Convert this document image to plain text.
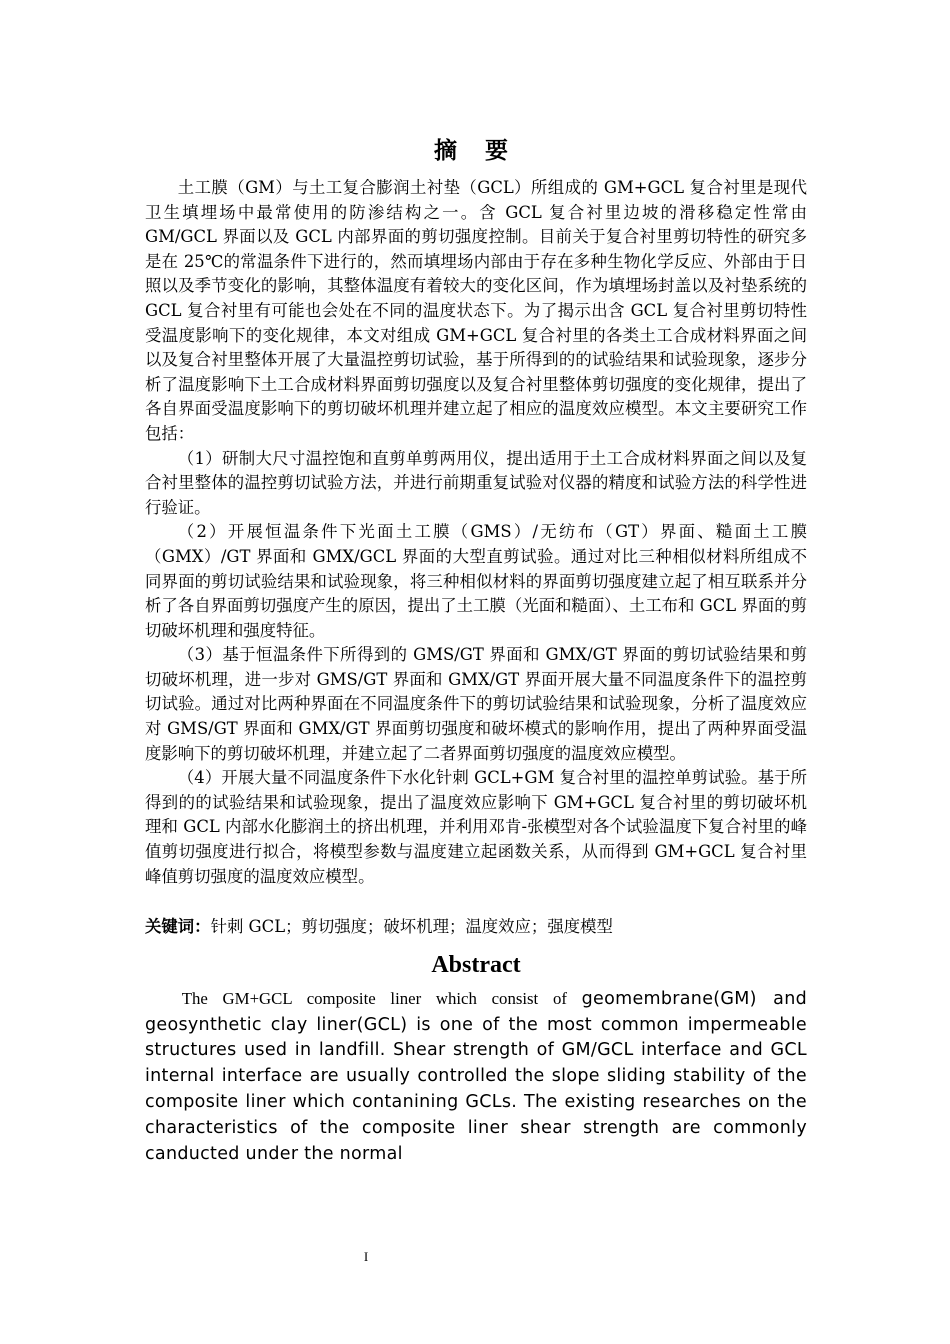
摘 要

土工膜（GM）与土工复合膨润土衬垫（GCL）所组成的 GM+GCL 复合衬里是现代卫生填埋场中最常使用的防渗结构之一。含 GCL 复合衬里边坡的滑移稳定性常由 GM/GCL 界面以及 GCL 内部界面的剪切强度控制。目前关于复合衬里剪切特性的研究多是在 25℃的常温条件下进行的，然而填埋场内部由于存在多种生物化学反应、外部由于日照以及季节变化的影响，其整体温度有着较大的变化区间，作为填埋场封盖以及衬垫系统的 GCL 复合衬里有可能也会处在不同的温度状态下。为了揭示出含 GCL 复合衬里剪切特性受温度影响下的变化规律，本文对组成 GM+GCL 复合衬里的各类土工合成材料界面之间以及复合衬里整体开展了大量温控剪切试验，基于所得到的的试验结果和试验现象，逐步分析了温度影响下土工合成材料界面剪切强度以及复合衬里整体剪切强度的变化规律，提出了各自界面受温度影响下的剪切破坏机理并建立起了相应的温度效应模型。本文主要研究工作包括：

（1）研制大尺寸温控饱和直剪单剪两用仪，提出适用于土工合成材料界面之间以及复合衬里整体的温控剪切试验方法，并进行前期重复试验对仪器的精度和试验方法的科学性进行验证。

（2）开展恒温条件下光面土工膜（GMS）/无纺布（GT）界面、糙面土工膜（GMX）/GT 界面和 GMX/GCL 界面的大型直剪试验。通过对比三种相似材料所组成不同界面的剪切试验结果和试验现象，将三种相似材料的界面剪切强度建立起了相互联系并分析了各自界面剪切强度产生的原因，提出了土工膜（光面和糙面）、土工布和 GCL 界面的剪切破坏机理和强度特征。

（3）基于恒温条件下所得到的 GMS/GT 界面和 GMX/GT 界面的剪切试验结果和剪切破坏机理，进一步对 GMS/GT 界面和 GMX/GT 界面开展大量不同温度条件下的温控剪切试验。通过对比两种界面在不同温度条件下的剪切试验结果和试验现象，分析了温度效应对 GMS/GT 界面和 GMX/GT 界面剪切强度和破坏模式的影响作用，提出了两种界面受温度影响下的剪切破坏机理，并建立起了二者界面剪切强度的温度效应模型。

（4）开展大量不同温度条件下水化针刺 GCL+GM 复合衬里的温控单剪试验。基于所得到的的试验结果和试验现象，提出了温度效应影响下 GM+GCL 复合衬里的剪切破坏机理和 GCL 内部水化膨润土的挤出机理，并利用邓肯-张模型对各个试验温度下复合衬里的峰值剪切强度进行拟合，将模型参数与温度建立起函数关系，从而得到 GM+GCL 复合衬里峰值剪切强度的温度效应模型。

关键词：针刺 GCL；剪切强度；破坏机理；温度效应；强度模型

Abstract

The GM+GCL composite liner which consist of geomembrane(GM) and geosynthetic clay liner(GCL) is one of the most common impermeable structures used in landfill. Shear strength of GM/GCL interface and GCL internal interface are usually controlled the slope sliding stability of the composite liner which contanining GCLs. The existing researches on the characteristics of the composite liner shear strength are commonly canducted under the normal

I
